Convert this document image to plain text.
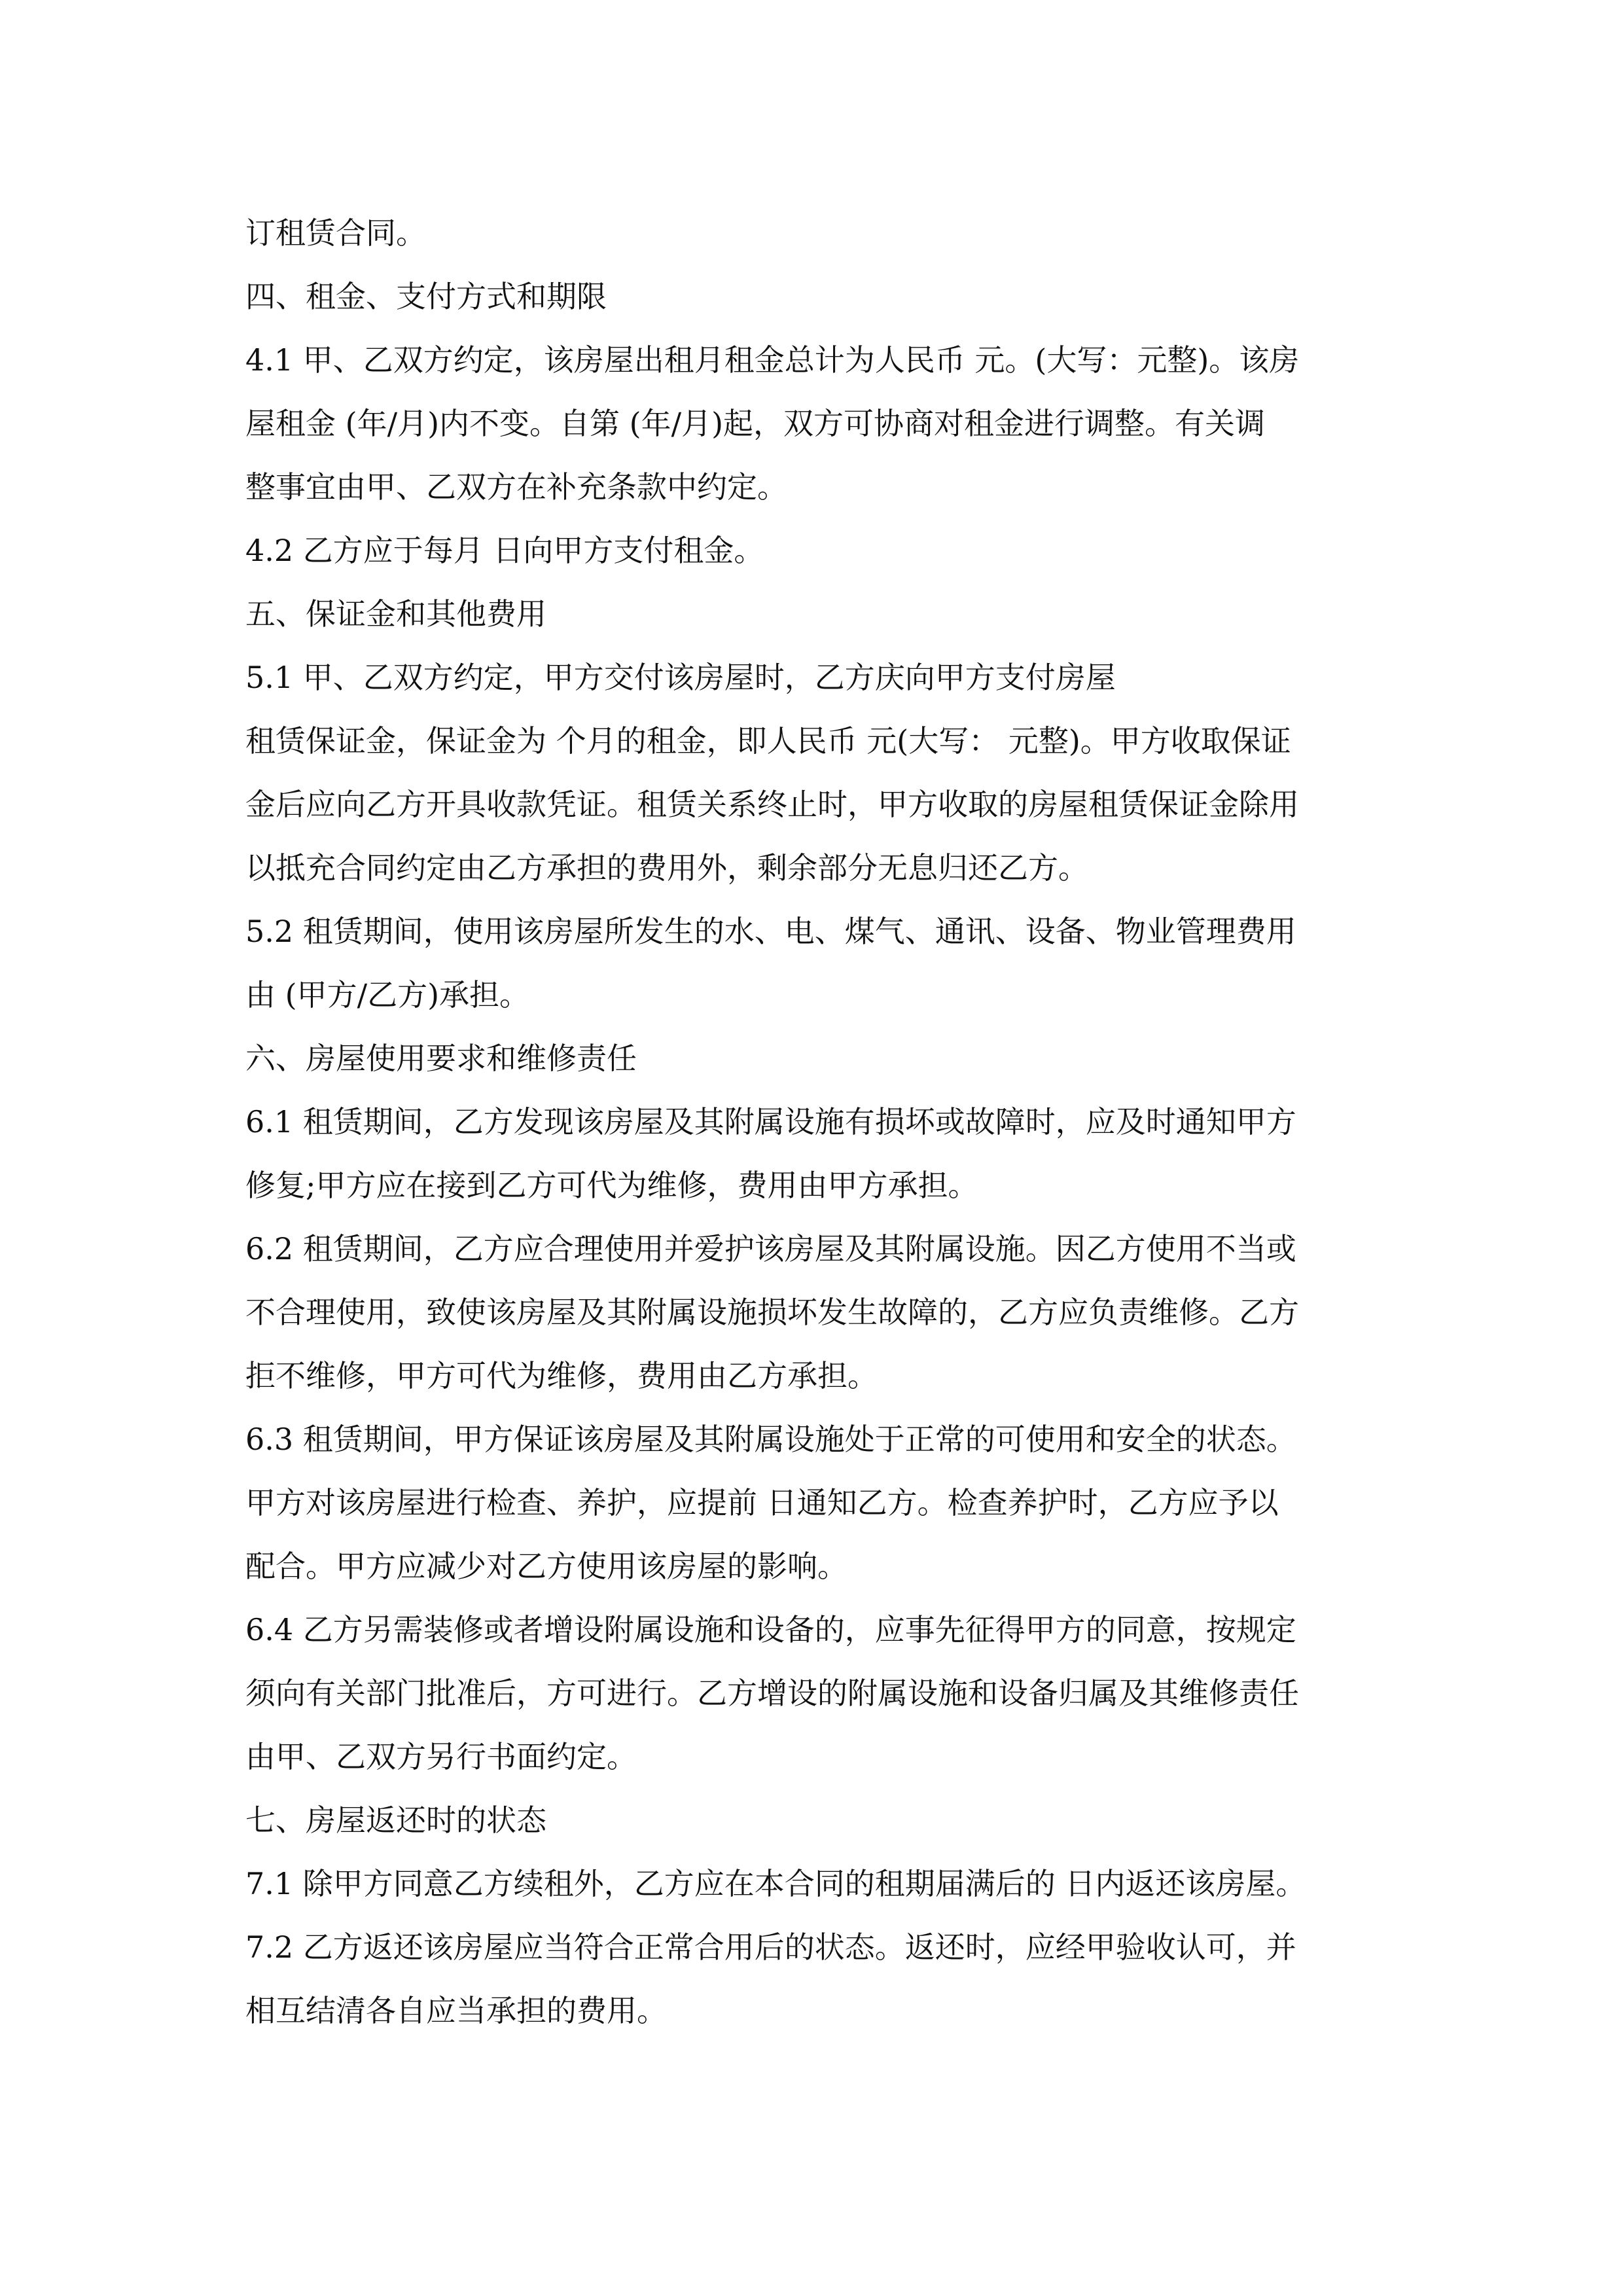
订租赁合同。

四、租金、支付方式和期限

4.1 甲、乙双方约定，该房屋出租月租金总计为人民币 元。(大写：元整)。该房

屋租金 (年/月)内不变。自第 (年/月)起，双方可协商对租金进行调整。有关调

整事宜由甲、乙双方在补充条款中约定。

4.2 乙方应于每月 日向甲方支付租金。

五、保证金和其他费用

5.1 甲、乙双方约定，甲方交付该房屋时，乙方庆向甲方支付房屋

租赁保证金，保证金为 个月的租金，即人民币 元(大写： 元整)。甲方收取保证

金后应向乙方开具收款凭证。租赁关系终止时，甲方收取的房屋租赁保证金除用

以抵充合同约定由乙方承担的费用外，剩余部分无息归还乙方。

5.2 租赁期间，使用该房屋所发生的水、电、煤气、通讯、设备、物业管理费用

由 (甲方/乙方)承担。

六、房屋使用要求和维修责任

6.1 租赁期间，乙方发现该房屋及其附属设施有损坏或故障时，应及时通知甲方

修复;甲方应在接到乙方可代为维修，费用由甲方承担。

6.2 租赁期间，乙方应合理使用并爱护该房屋及其附属设施。因乙方使用不当或

不合理使用，致使该房屋及其附属设施损坏发生故障的，乙方应负责维修。乙方

拒不维修，甲方可代为维修，费用由乙方承担。

6.3 租赁期间，甲方保证该房屋及其附属设施处于正常的可使用和安全的状态。

甲方对该房屋进行检查、养护，应提前 日通知乙方。检查养护时，乙方应予以

配合。甲方应减少对乙方使用该房屋的影响。

6.4 乙方另需装修或者增设附属设施和设备的，应事先征得甲方的同意，按规定

须向有关部门批准后，方可进行。乙方增设的附属设施和设备归属及其维修责任

由甲、乙双方另行书面约定。

七、房屋返还时的状态

7.1 除甲方同意乙方续租外，乙方应在本合同的租期届满后的 日内返还该房屋。

7.2 乙方返还该房屋应当符合正常合用后的状态。返还时，应经甲验收认可，并

相互结清各自应当承担的费用。
